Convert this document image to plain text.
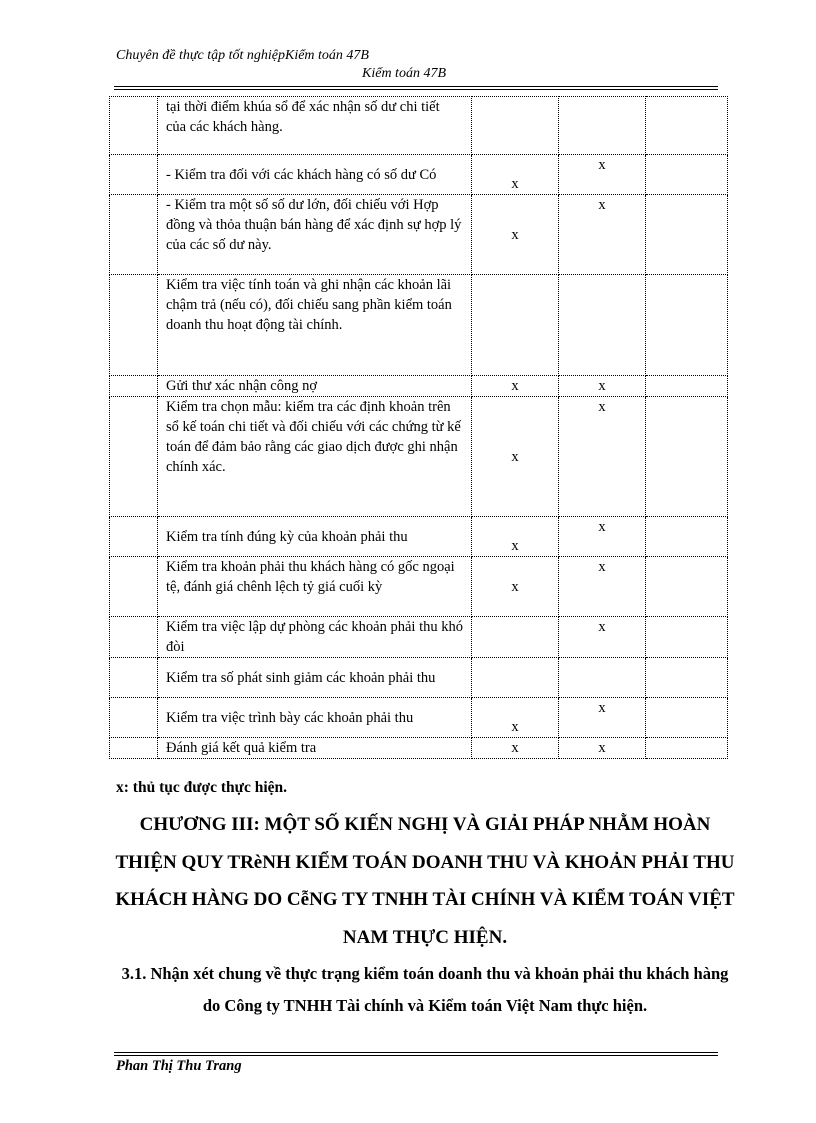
Chuyên đề thực tập tốt nghiệpKiểm toán 47B
Kiểm toán 47B
	tại thời điểm khúa sổ để xác nhận số dư chi tiết của các khách hàng.			
	- Kiểm tra đối với các khách hàng có số dư Có	x	x	
	- Kiểm tra một số số dư lớn, đối chiếu với Hợp đồng và thỏa thuận bán hàng để xác định sự hợp lý của các số dư này.	x	x	
	Kiểm tra việc tính toán và ghi nhận các khoản lãi chậm trả (nếu có), đối chiếu sang phần kiểm toán doanh thu hoạt động tài chính.			
	Gửi thư xác nhận công nợ	x	x	
	Kiểm tra chọn mẫu: kiểm tra các định khoản trên sổ kế toán chi tiết và đối chiếu với các chứng từ kế toán để đảm bảo rằng các giao dịch được ghi nhận chính xác.	x	x	
	Kiểm tra tính đúng kỳ của khoản phải thu	x	x	
	Kiểm tra khoản phải thu khách hàng có gốc ngoại tệ, đánh giá chênh lệch tỷ giá cuối kỳ	x	x	
	Kiểm tra việc lập dự phòng các khoản phải thu khó đòi		x	
	Kiểm tra số phát sinh giảm các khoản phải thu			
	Kiểm tra việc trình bày các khoản phải thu	x	x	
	Đánh giá kết quả kiểm tra	x	x	
x: thủ tục được thực hiện.
CHƯƠNG III: MỘT SỐ KIẾN NGHỊ VÀ GIẢI PHÁP NHẰM HOÀN THIỆN QUY TRèNH KIỂM TOÁN DOANH THU VÀ KHOẢN PHẢI THU KHÁCH HÀNG DO CễNG TY TNHH TÀI CHÍNH VÀ KIỂM TOÁN VIỆT NAM THỰC HIỆN.
3.1. Nhận xét chung về thực trạng kiểm toán doanh thu và khoản phải thu khách hàng do Công ty TNHH Tài chính và Kiểm toán Việt Nam thực hiện.
Phan Thị Thu Trang
